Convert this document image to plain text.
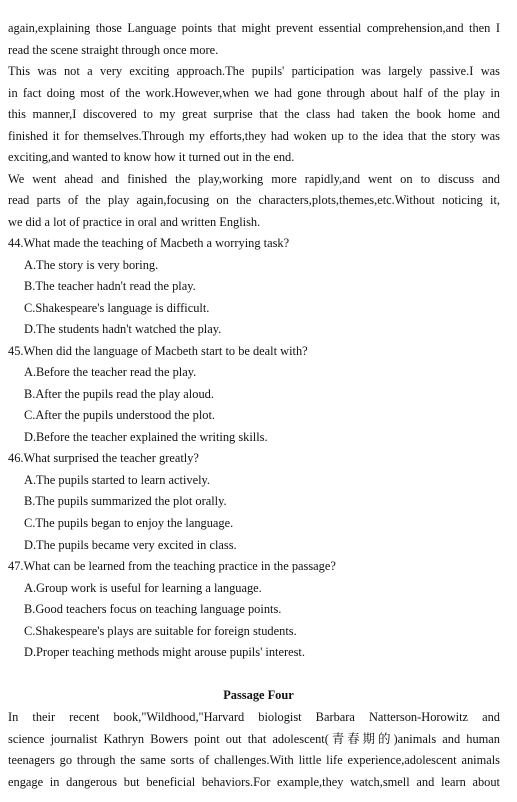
again,explaining those Language points that might prevent essential comprehension,and then I
read the scene straight through once more.
This was not a very exciting approach.The pupils' participation was largely passive.I was
in fact doing most of the work.However,when we had gone through about half of the play in
this manner,I discovered to my great surprise that the class had taken the book home and
finished it for themselves.Through my efforts,they had woken up to the idea that the story was
exciting,and wanted to know how it turned out in the end.
We went ahead and finished the play,working more rapidly,and went on to discuss and
read parts of the play again,focusing on the characters,plots,themes,etc.Without noticing it,
we did a lot of practice in oral and written English.
44.What made the teaching of Macbeth a worrying task?
A.The story is very boring.
B.The teacher hadn't read the play.
C.Shakespeare's language is difficult.
D.The students hadn't watched the play.
45.When did the language of Macbeth start to be dealt with?
A.Before the teacher read the play.
B.After the pupils read the play aloud.
C.After the pupils understood the plot.
D.Before the teacher explained the writing skills.
46.What surprised the teacher greatly?
A.The pupils started to learn actively.
B.The pupils summarized the plot orally.
C.The pupils began to enjoy the language.
D.The pupils became very excited in class.
47.What can be learned from the teaching practice in the passage?
A.Group work is useful for learning a language.
B.Good teachers focus on teaching language points.
C.Shakespeare's plays are suitable for foreign students.
D.Proper teaching methods might arouse pupils' interest.
Passage Four
In their recent book,"Wildhood,"Harvard biologist Barbara Natterson-Horowitz and
science journalist Kathryn Bowers point out that adolescent(青春期的)animals and human
teenagers go through the same sorts of challenges.With little life experience,adolescent animals
engage in dangerous but beneficial behaviors.For example,they watch,smell and learn about
